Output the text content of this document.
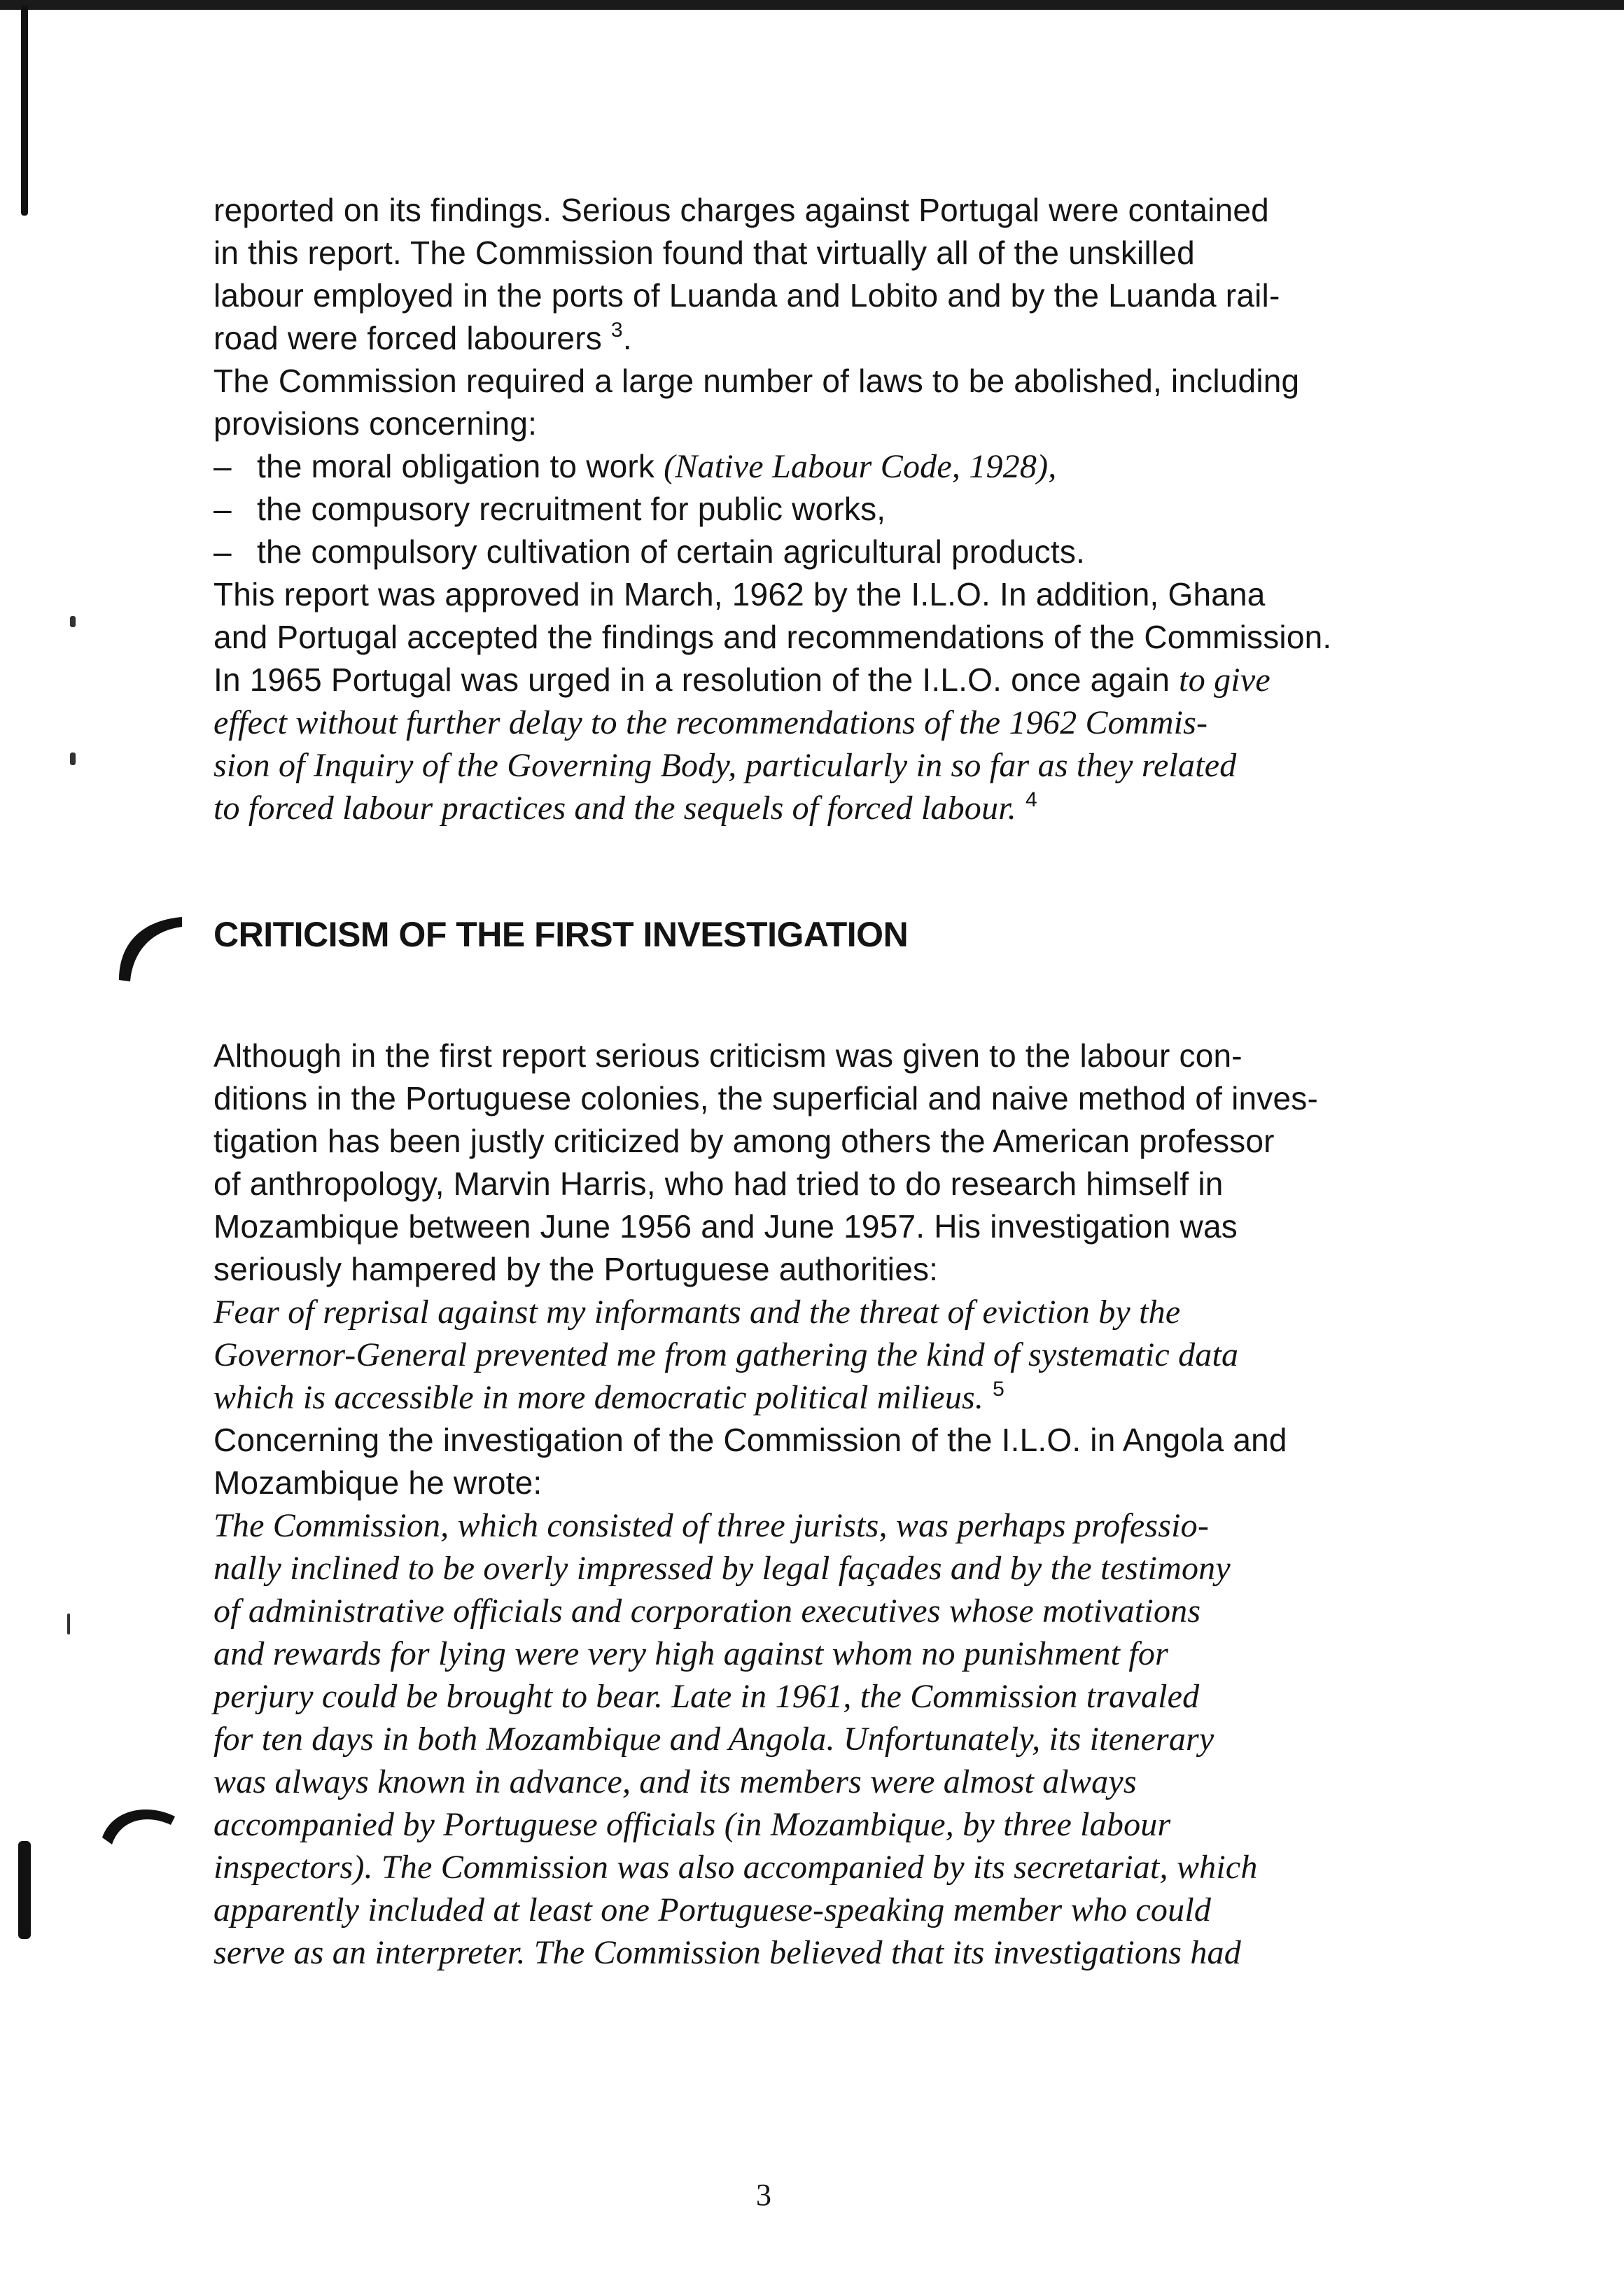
reported on its findings. Serious charges against Portugal were contained
in this report. The Commission found that virtually all of the unskilled
labour employed in the ports of Luanda and Lobito and by the Luanda rail-
road were forced labourers $^3$.

The Commission required a large number of laws to be abolished, including
provisions concerning:
– the moral obligation to work (Native Labour Code, 1928),
– the compusory recruitment for public works,
– the compulsory cultivation of certain agricultural products.

This report was approved in March, 1962 by the I.L.O. In addition, Ghana
and Portugal accepted the findings and recommendations of the Commission.
In 1965 Portugal was urged in a resolution of the I.L.O. once again to give
effect without further delay to the recommendations of the 1962 Commis-
sion of Inquiry of the Governing Body, particularly in so far as they related
to forced labour practices and the sequels of forced labour. $^4$

CRITICISM OF THE FIRST INVESTIGATION

Although in the first report serious criticism was given to the labour con-
ditions in the Portuguese colonies, the superficial and naive method of inves-
tigation has been justly criticized by among others the American professor
of anthropology, Marvin Harris, who had tried to do research himself in
Mozambique between June 1956 and June 1957. His investigation was
seriously hampered by the Portuguese authorities:
Fear of reprisal against my informants and the threat of eviction by the
Governor-General prevented me from gathering the kind of systematic data
which is accessible in more democratic political milieus. $^5$
Concerning the investigation of the Commission of the I.L.O. in Angola and
Mozambique he wrote:
The Commission, which consisted of three jurists, was perhaps professio-
nally inclined to be overly impressed by legal façades and by the testimony
of administrative officials and corporation executives whose motivations
and rewards for lying were very high against whom no punishment for
perjury could be brought to bear. Late in 1961, the Commission travaled
for ten days in both Mozambique and Angola. Unfortunately, its itenerary
was always known in advance, and its members were almost always
accompanied by Portuguese officials (in Mozambique, by three labour
inspectors). The Commission was also accompanied by its secretariat, which
apparently included at least one Portuguese-speaking member who could
serve as an interpreter. The Commission believed that its investigations had

3
